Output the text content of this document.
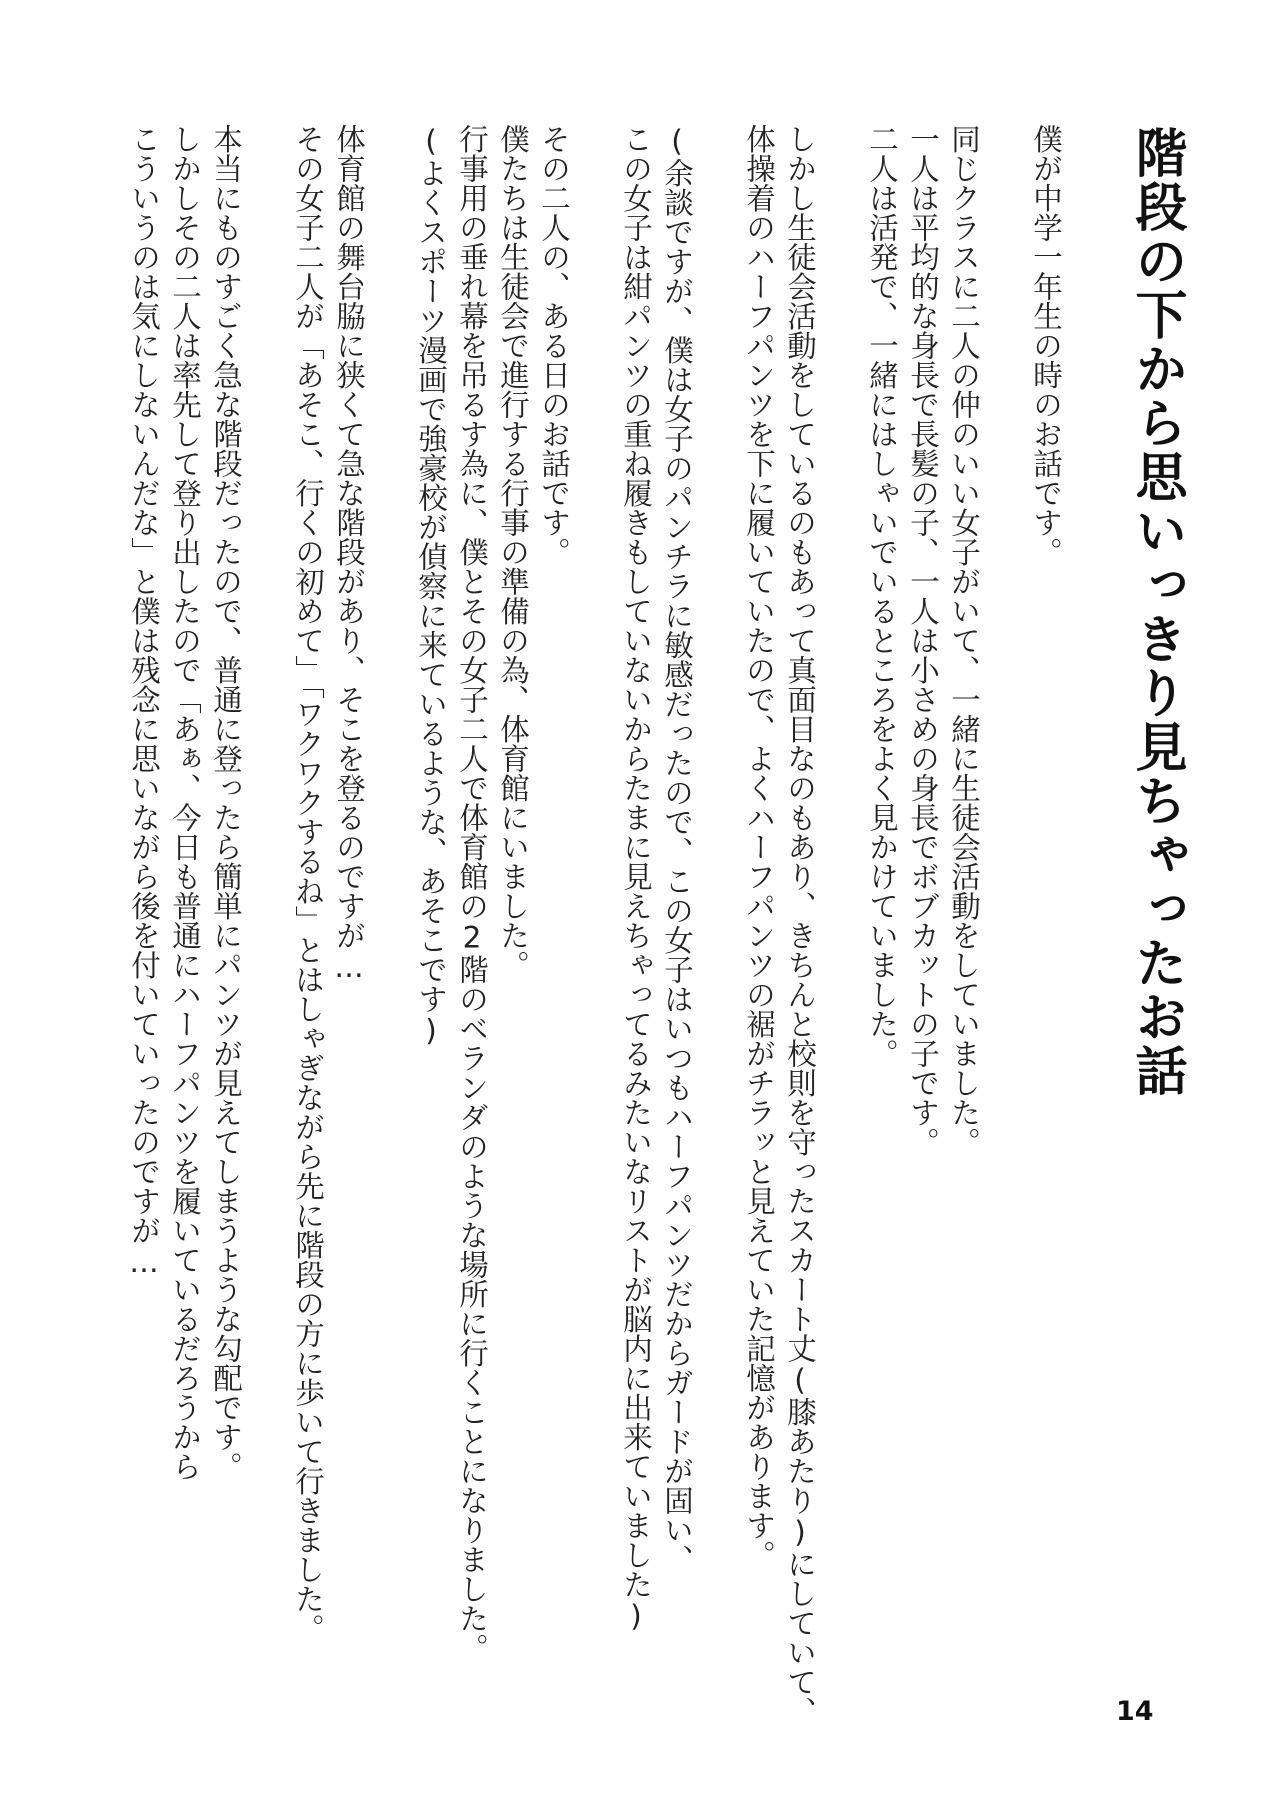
階段の下から思いっきり見ちゃったお話
僕が中学一年生の時のお話です。
同じクラスに二人の仲のいい女子がいて、一緒に生徒会活動をしていました。
一人は平均的な身長で長髪の子、一人は小さめの身長でボブカットの子です。
二人は活発で、一緒にはしゃいでいるところをよく見かけていました。
しかし生徒会活動をしているのもあって真面目なのもあり、きちんと校則を守ったスカート丈(膝あたり)にしていて、
体操着のハーフパンツを下に履いていたので、よくハーフパンツの裾がチラッと見えていた記憶があります。
(余談ですが、僕は女子のパンチラに敏感だったので、この女子はいつもハーフパンツだからガードが固い、
この女子は紺パンツの重ね履きもしていないからたまに見えちゃってるみたいなリストが脳内に出来ていました)
その二人の、ある日のお話です。
僕たちは生徒会で進行する行事の準備の為、体育館にいました。
行事用の垂れ幕を吊るす為に、僕とその女子二人で体育館の2階のベランダのような場所に行くことになりました。
(よくスポーツ漫画で強豪校が偵察に来ているような、あそこです)
体育館の舞台脇に狭くて急な階段があり、そこを登るのですが…
その女子二人が「あそこ、行くの初めて」「ワクワクするね」とはしゃぎながら先に階段の方に歩いて行きました。
本当にものすごく急な階段だったので、普通に登ったら簡単にパンツが見えてしまうような勾配です。
しかしその二人は率先して登り出したので「あぁ、今日も普通にハーフパンツを履いているだろうから
こういうのは気にしないんだな」と僕は残念に思いながら後を付いていったのですが…
14
